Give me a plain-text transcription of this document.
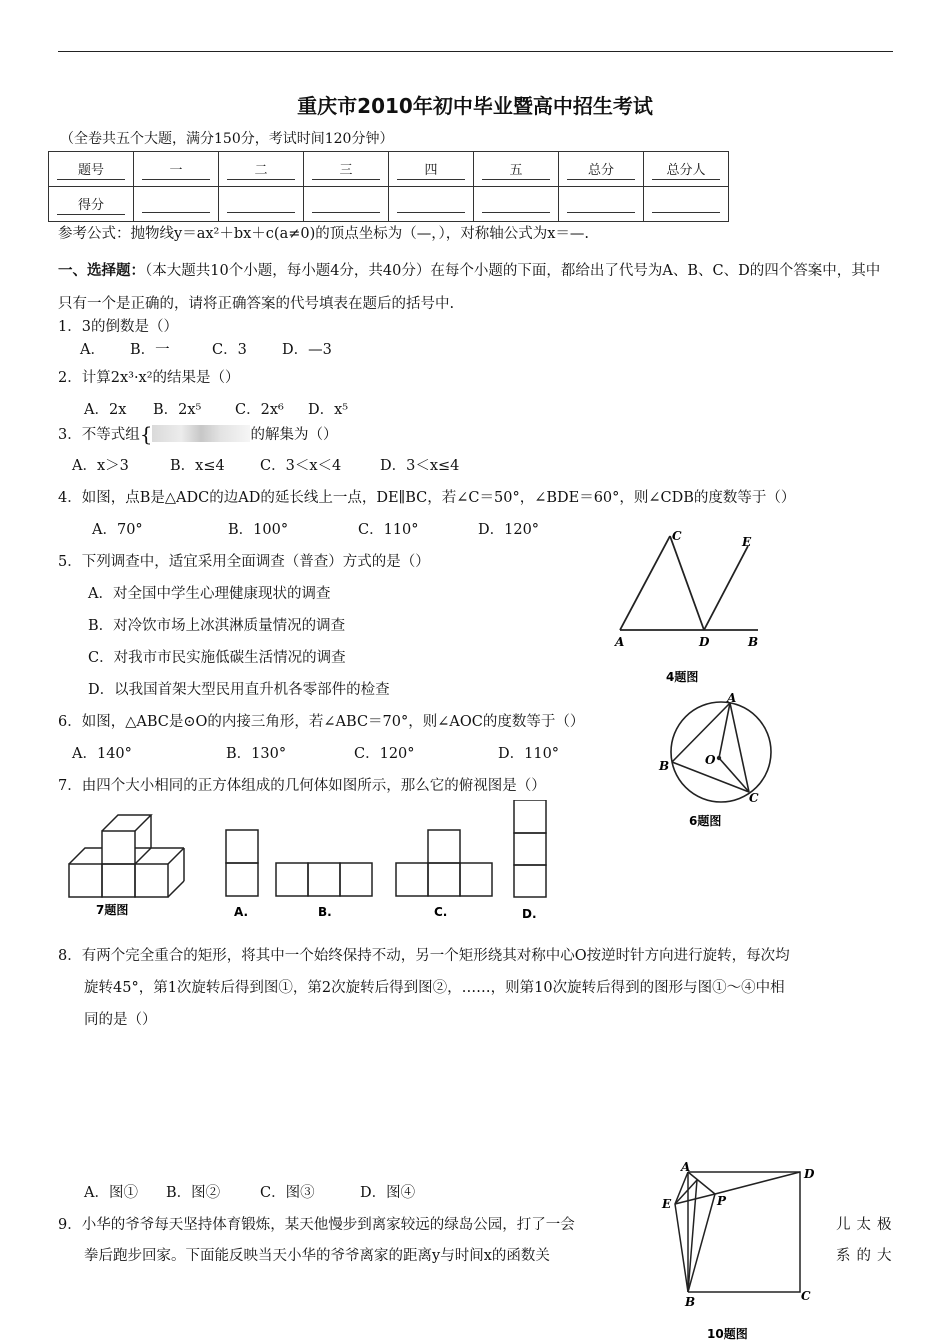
重庆市2010年初中毕业暨高中招生考试
（全卷共五个大题，满分150分，考试时间120分钟）
题号	一	二	三	四	五	总分	总分人
得分							
参考公式：抛物线y＝ax²＋bx＋c(a≠0)的顶点坐标为（—，），对称轴公式为x＝—.
一、选择题：（本大题共10个小题，每小题4分，共40分）在每个小题的下面，都给出了代号为A、B、C、D的四个答案中，其中只有一个是正确的，请将正确答案的代号填表在题后的括号中.
1．3的倒数是（）
A． B．一	C．3 D．—3
2．计算2x³·x²的结果是（）
A．2x B．2x⁵ C．2x⁶ D．x⁵
3．不等式组{	的解集为（）
A．x＞3	B．x≤4 C．3＜x＜4	D．3＜x≤4
4．如图，点B是△ADC的边AD的延长线上一点，DE∥BC，若∠C＝50°，∠BDE＝60°，则∠CDB的度数等于（）
A．70°	B．100°	C．110°	D．120°
5．下列调查中，适宜采用全面调查（普查）方式的是（）
A．对全国中学生心理健康现状的调查
B．对冷饮市场上冰淇淋质量情况的调查
C．对我市市民实施低碳生活情况的调查
D．以我国首架大型民用直升机各零部件的检查
C	E
A	D	B
4题图
6．如图，△ABC是⊙O的内接三角形，若∠ABC＝70°，则∠AOC的度数等于（）
A．140°	B．130°	C．120°	D．110°
A
O
B
C
6题图
7．由四个大小相同的正方体组成的几何体如图所示，那么它的俯视图是（）
7题图	A.	B.	C.	D.
8．有两个完全重合的矩形，将其中一个始终保持不动，另一个矩形绕其对称中心O按逆时针方向进行旋转，每次均
旋转45°，第1次旋转后得到图①，第2次旋转后得到图②，……，则第10次旋转后得到的图形与图①～④中相
同的是（）
A．图① B．图②	C．图③	D．图④
9．小华的爷爷每天坚持体育锻炼，某天他慢步到离家较远的绿岛公园，打了一会	儿太极
拳后跑步回家。下面能反映当天小华的爷爷离家的距离y与时间x的函数关	系的大
A	D
E	P
B	C
10题图
